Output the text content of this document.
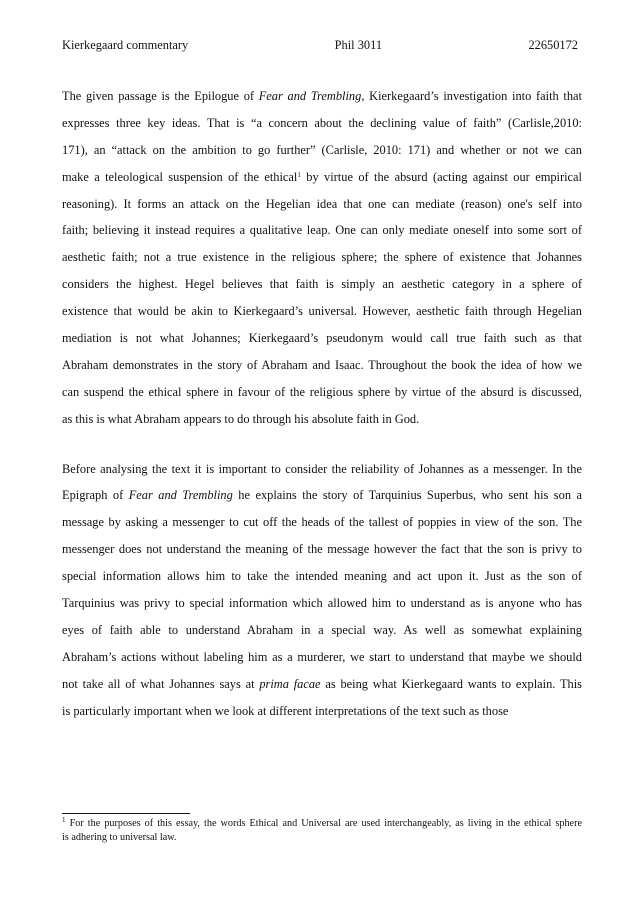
Kierkegaard commentary	Phil 3011	22650172
The given passage is the Epilogue of Fear and Trembling, Kierkegaard’s investigation into faith that
expresses three key ideas. That is “a concern about the declining value of faith” (Carlisle,2010:
171), an “attack on the ambition to go further” (Carlisle, 2010: 171) and whether or not we can
make a teleological suspension of the ethical$^1$ by virtue of the absurd (acting against our empirical
reasoning). It forms an attack on the Hegelian idea that one can mediate (reason) one's self into
faith; believing it instead requires a qualitative leap. One can only mediate oneself into some sort of
aesthetic faith; not a true existence in the religious sphere; the sphere of existence that Johannes
considers the highest. Hegel believes that faith is simply an aesthetic category in a sphere of
existence that would be akin to Kierkegaard’s universal. However, aesthetic faith through Hegelian
mediation is not what Johannes; Kierkegaard’s pseudonym would call true faith such as that
Abraham demonstrates in the story of Abraham and Isaac. Throughout the book the idea of how we
can suspend the ethical sphere in favour of the religious sphere by virtue of the absurd is discussed,
as this is what Abraham appears to do through his absolute faith in God.
Before analysing the text it is important to consider the reliability of Johannes as a messenger. In the
Epigraph of Fear and Trembling he explains the story of Tarquinius Superbus, who sent his son a
message by asking a messenger to cut off the heads of the tallest of poppies in view of the son. The
messenger does not understand the meaning of the message however the fact that the son is privy to
special information allows him to take the intended meaning and act upon it. Just as the son of
Tarquinius was privy to special information which allowed him to understand as is anyone who has
eyes of faith able to understand Abraham in a special way. As well as somewhat explaining
Abraham’s actions without labeling him as a murderer, we start to understand that maybe we should
not take all of what Johannes says at prima facae as being what Kierkegaard wants to explain. This
is particularly important when we look at different interpretations of the text such as those
$^1$ For the purposes of this essay, the words Ethical and Universal are used interchangeably, as living in the ethical sphere
is adhering to universal law.
